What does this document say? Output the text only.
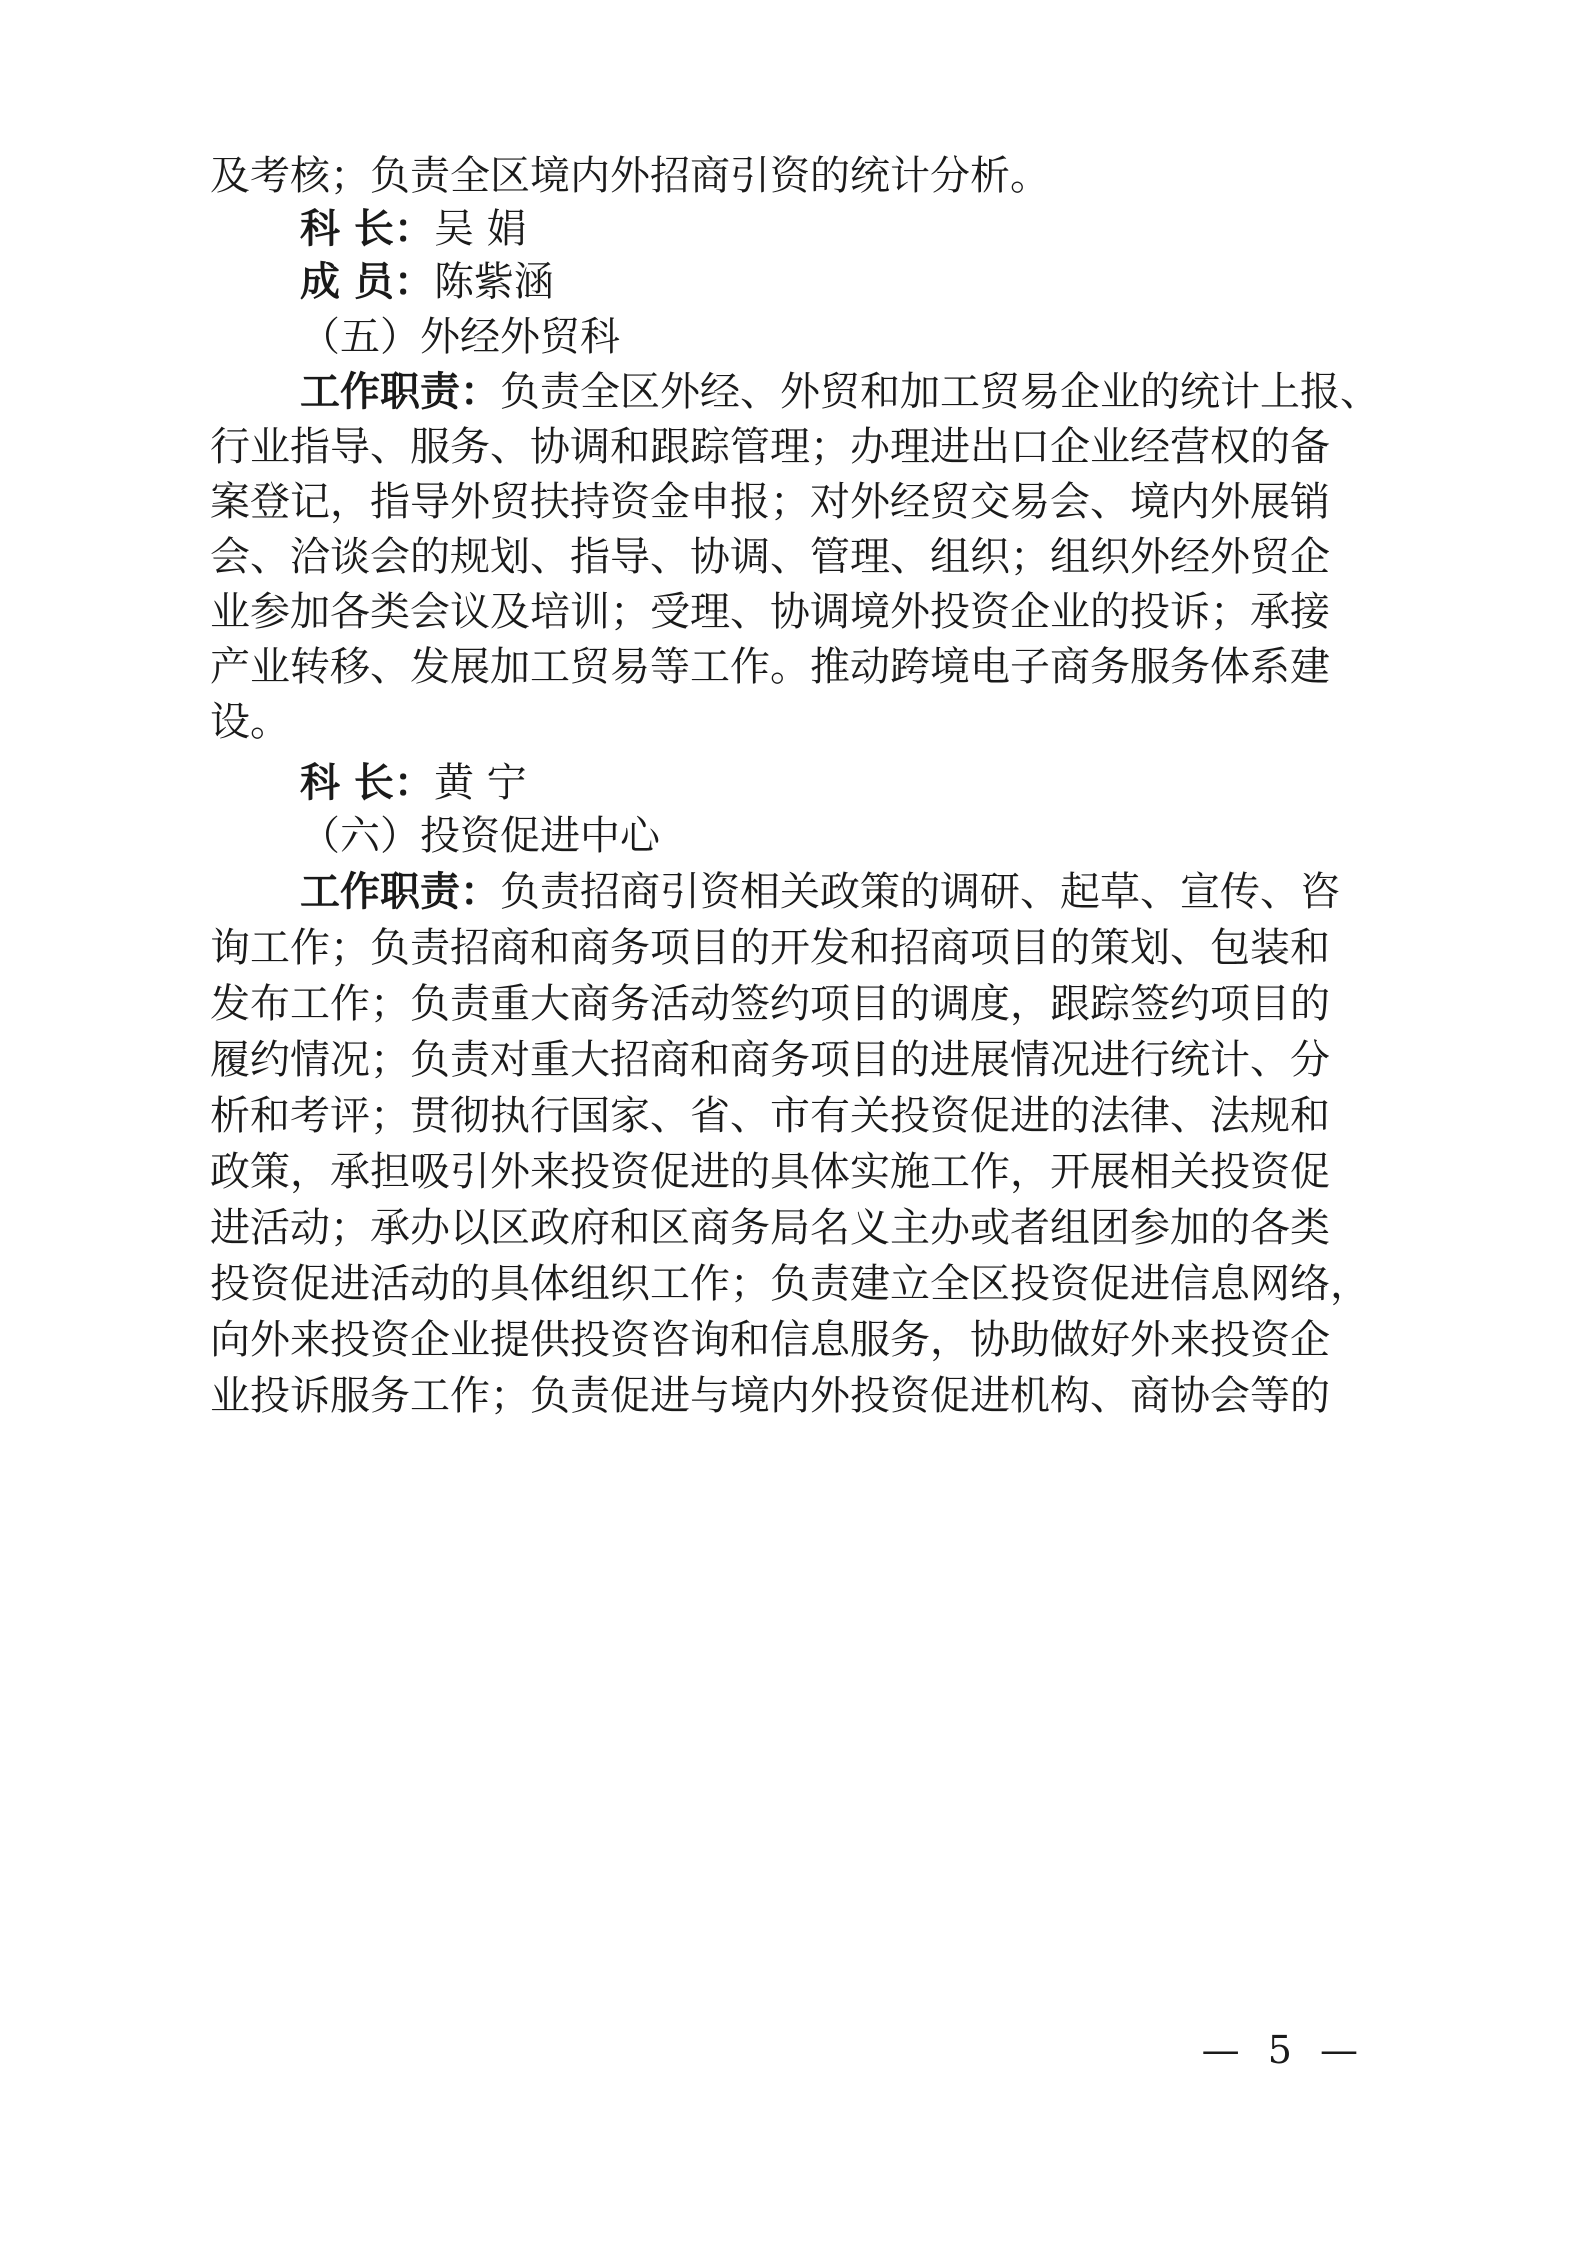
及考核；负责全区境内外招商引资的统计分析。
科 长：吴 娟
成 员：陈紫涵
（五）外经外贸科
工作职责：负责全区外经、外贸和加工贸易企业的统计上报、
行业指导、服务、协调和跟踪管理；办理进出口企业经营权的备
案登记，指导外贸扶持资金申报；对外经贸交易会、境内外展销
会、洽谈会的规划、指导、协调、管理、组织；组织外经外贸企
业参加各类会议及培训；受理、协调境外投资企业的投诉；承接
产业转移、发展加工贸易等工作。推动跨境电子商务服务体系建
设。
科 长：黄 宁
（六）投资促进中心
工作职责：负责招商引资相关政策的调研、起草、宣传、咨
询工作；负责招商和商务项目的开发和招商项目的策划、包装和
发布工作；负责重大商务活动签约项目的调度，跟踪签约项目的
履约情况；负责对重大招商和商务项目的进展情况进行统计、分
析和考评；贯彻执行国家、省、市有关投资促进的法律、法规和
政策，承担吸引外来投资促进的具体实施工作，开展相关投资促
进活动；承办以区政府和区商务局名义主办或者组团参加的各类
投资促进活动的具体组织工作；负责建立全区投资促进信息网络，
向外来投资企业提供投资咨询和信息服务，协助做好外来投资企
业投诉服务工作；负责促进与境内外投资促进机构、商协会等的
— 5 —
